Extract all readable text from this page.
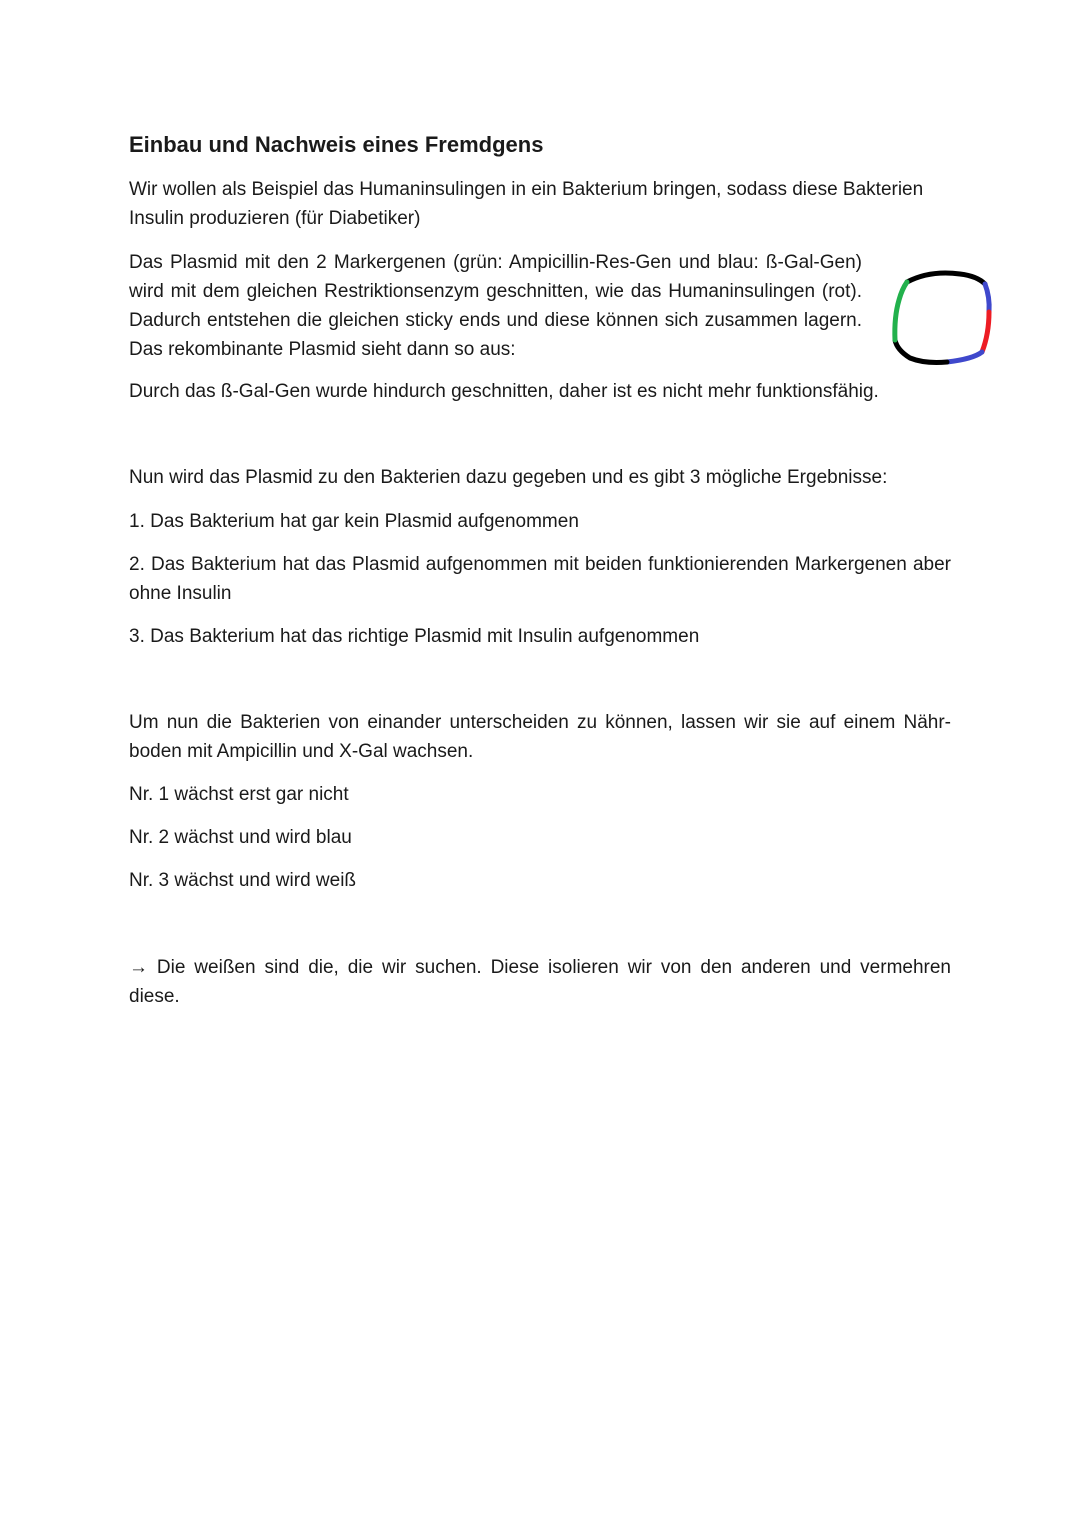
Einbau und Nachweis eines Fremdgens

Wir wollen als Beispiel das Humaninsulingen in ein Bakterium bringen, sodass diese Bakterien Insulin produzieren (für Diabetiker)

Das Plasmid mit den 2 Markergenen (grün: Ampicillin-Res-Gen und blau: ß-Gal-Gen) wird mit dem gleichen Restriktionsenzym geschnitten, wie das Humaninsulingen (rot). Dadurch entstehen die gleichen sticky ends und diese können sich zusammen lagern. Das rekombinante Plasmid sieht dann so aus:

Durch das ß-Gal-Gen wurde hindurch geschnitten, daher ist es nicht mehr funktionsfähig.

Nun wird das Plasmid zu den Bakterien dazu gegeben und es gibt 3 mögliche Ergebnisse:

1. Das Bakterium hat gar kein Plasmid aufgenommen

2. Das Bakterium hat das Plasmid aufgenommen mit beiden funktionierenden Markergenen aber ohne Insulin

3. Das Bakterium hat das richtige Plasmid mit Insulin aufgenommen

Um nun die Bakterien von einander unterscheiden zu können, lassen wir sie auf einem Nähr-boden mit Ampicillin und X-Gal wachsen.

Nr. 1 wächst erst gar nicht

Nr. 2 wächst und wird blau

Nr. 3 wächst und wird weiß

→ Die weißen sind die, die wir suchen. Diese isolieren wir von den anderen und vermehren diese.
